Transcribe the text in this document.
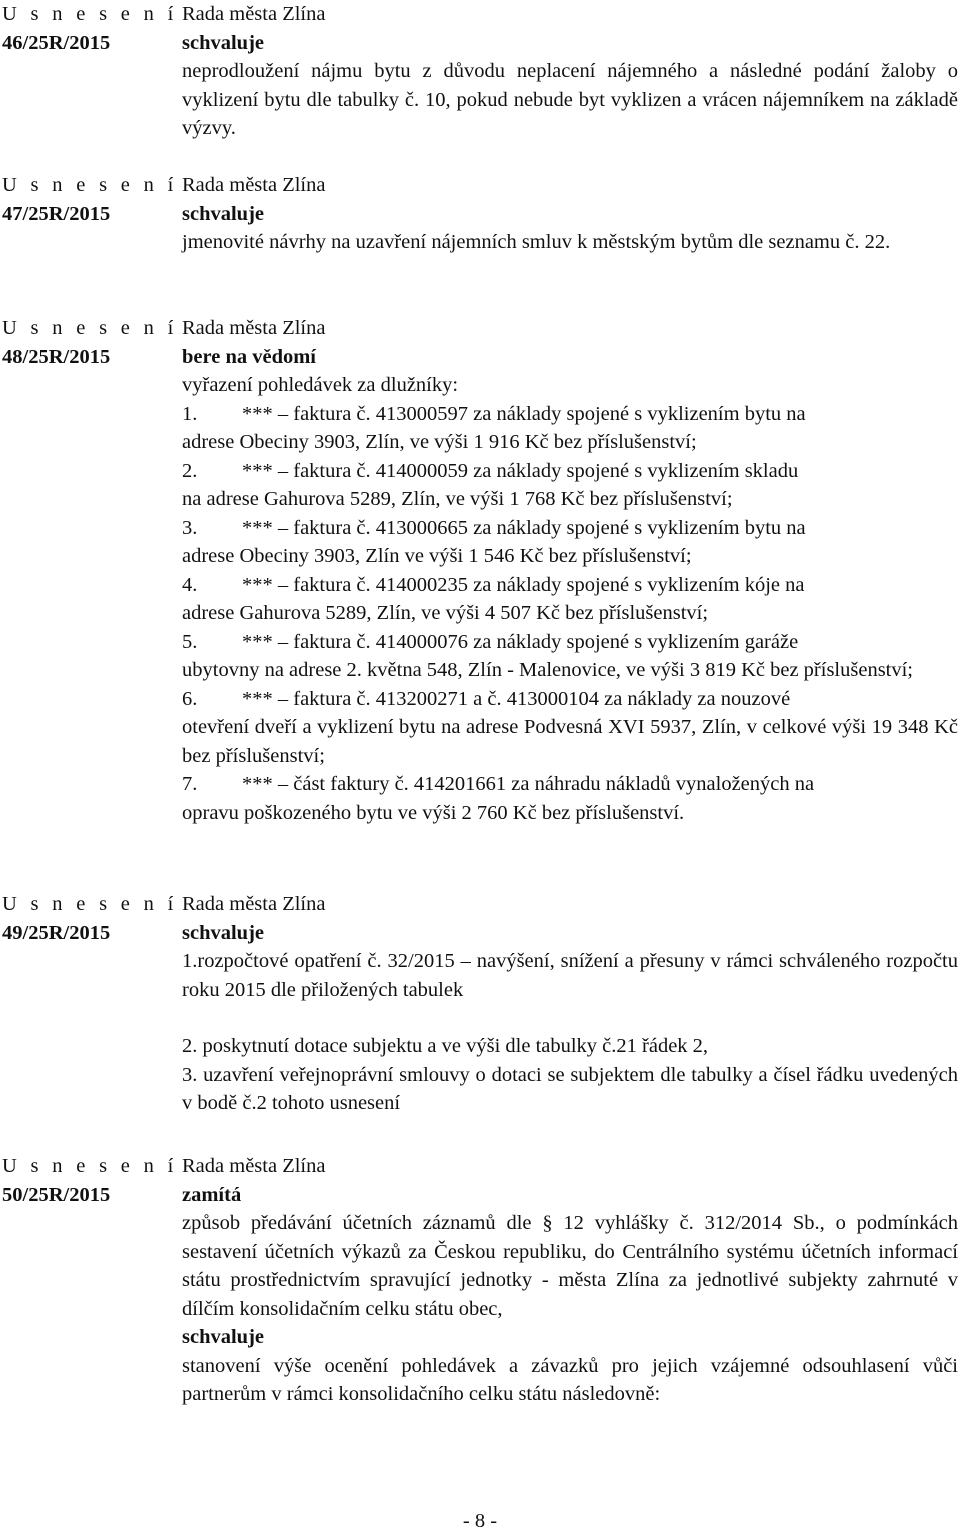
U s n e s e n í
46/25R/2015
Rada města Zlína
schvaluje
neprodloužení nájmu bytu z důvodu neplacení nájemného a následné podání žaloby o vyklizení bytu dle tabulky č. 10, pokud nebude byt vyklizen a vrácen nájemníkem na základě výzvy.
U s n e s e n í
47/25R/2015
Rada města Zlína
schvaluje
jmenovité návrhy na uzavření nájemních smluv k městským bytům dle seznamu č. 22.
U s n e s e n í
48/25R/2015
Rada města Zlína
bere na vědomí
vyřazení pohledávek za dlužníky:
1. *** – faktura č. 413000597 za náklady spojené s vyklizením bytu na
adrese Obeciny 3903, Zlín, ve výši 1 916 Kč bez příslušenství;
2. *** – faktura č. 414000059 za náklady spojené s vyklizením skladu
na adrese Gahurova 5289, Zlín, ve výši 1 768 Kč bez příslušenství;
3. *** – faktura č. 413000665 za náklady spojené s vyklizením bytu na
adrese Obeciny 3903, Zlín ve výši 1 546 Kč bez příslušenství;
4. *** – faktura č. 414000235 za náklady spojené s vyklizením kóje na
adrese Gahurova 5289, Zlín, ve výši 4 507 Kč bez příslušenství;
5. *** – faktura č. 414000076 za náklady spojené s vyklizením garáže
ubytovny na adrese 2. května 548, Zlín - Malenovice, ve výši 3 819 Kč bez příslušenství;
6. *** – faktura č. 413200271 a č. 413000104 za náklady za nouzové
otevření dveří a vyklizení bytu na adrese Podvesná XVI 5937, Zlín, v celkové výši 19 348 Kč bez příslušenství;
7. *** – část faktury č. 414201661 za náhradu nákladů vynaložených na
opravu poškozeného bytu ve výši 2 760 Kč bez příslušenství.
U s n e s e n í
49/25R/2015
Rada města Zlína
schvaluje
1.rozpočtové opatření č. 32/2015 – navýšení, snížení a přesuny v rámci schváleného rozpočtu roku 2015 dle přiložených tabulek
2. poskytnutí dotace subjektu a ve výši dle tabulky č.21 řádek 2,
3. uzavření veřejnoprávní smlouvy o dotaci se subjektem dle tabulky a čísel řádku uvedených v bodě č.2 tohoto usnesení
U s n e s e n í
50/25R/2015
Rada města Zlína
zamítá
způsob předávání účetních záznamů dle § 12 vyhlášky č. 312/2014 Sb., o podmínkách sestavení účetních výkazů za Českou republiku, do Centrálního systému účetních informací státu prostřednictvím spravující jednotky - města Zlína za jednotlivé subjekty zahrnuté v dílčím konsolidačním celku státu obec,
schvaluje
stanovení výše ocenění pohledávek a závazků pro jejich vzájemné odsouhlasení vůči partnerům v rámci konsolidačního celku státu následovně:
- 8 -
